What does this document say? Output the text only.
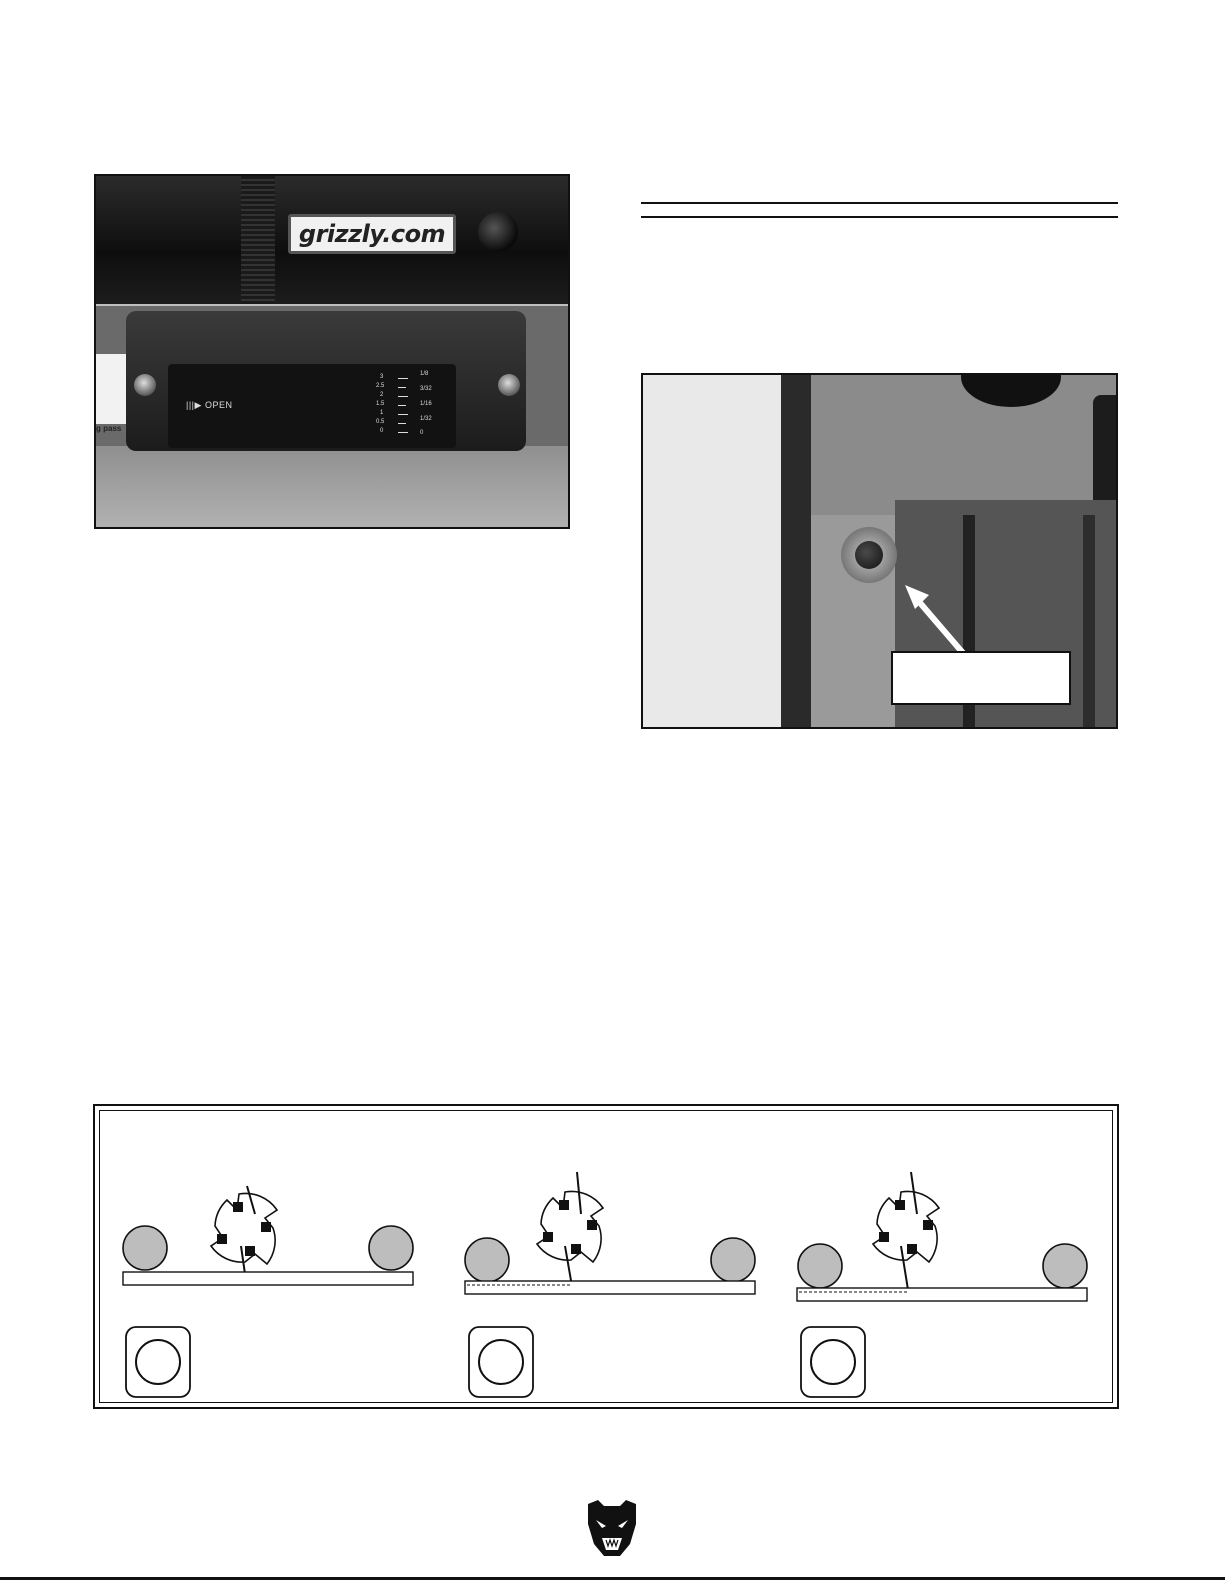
grizzly.com
g pass
|||▶ OPEN
3
2.5
2
1.5
1
0.5
0
1/8
3/32
1/16
1/32
0
